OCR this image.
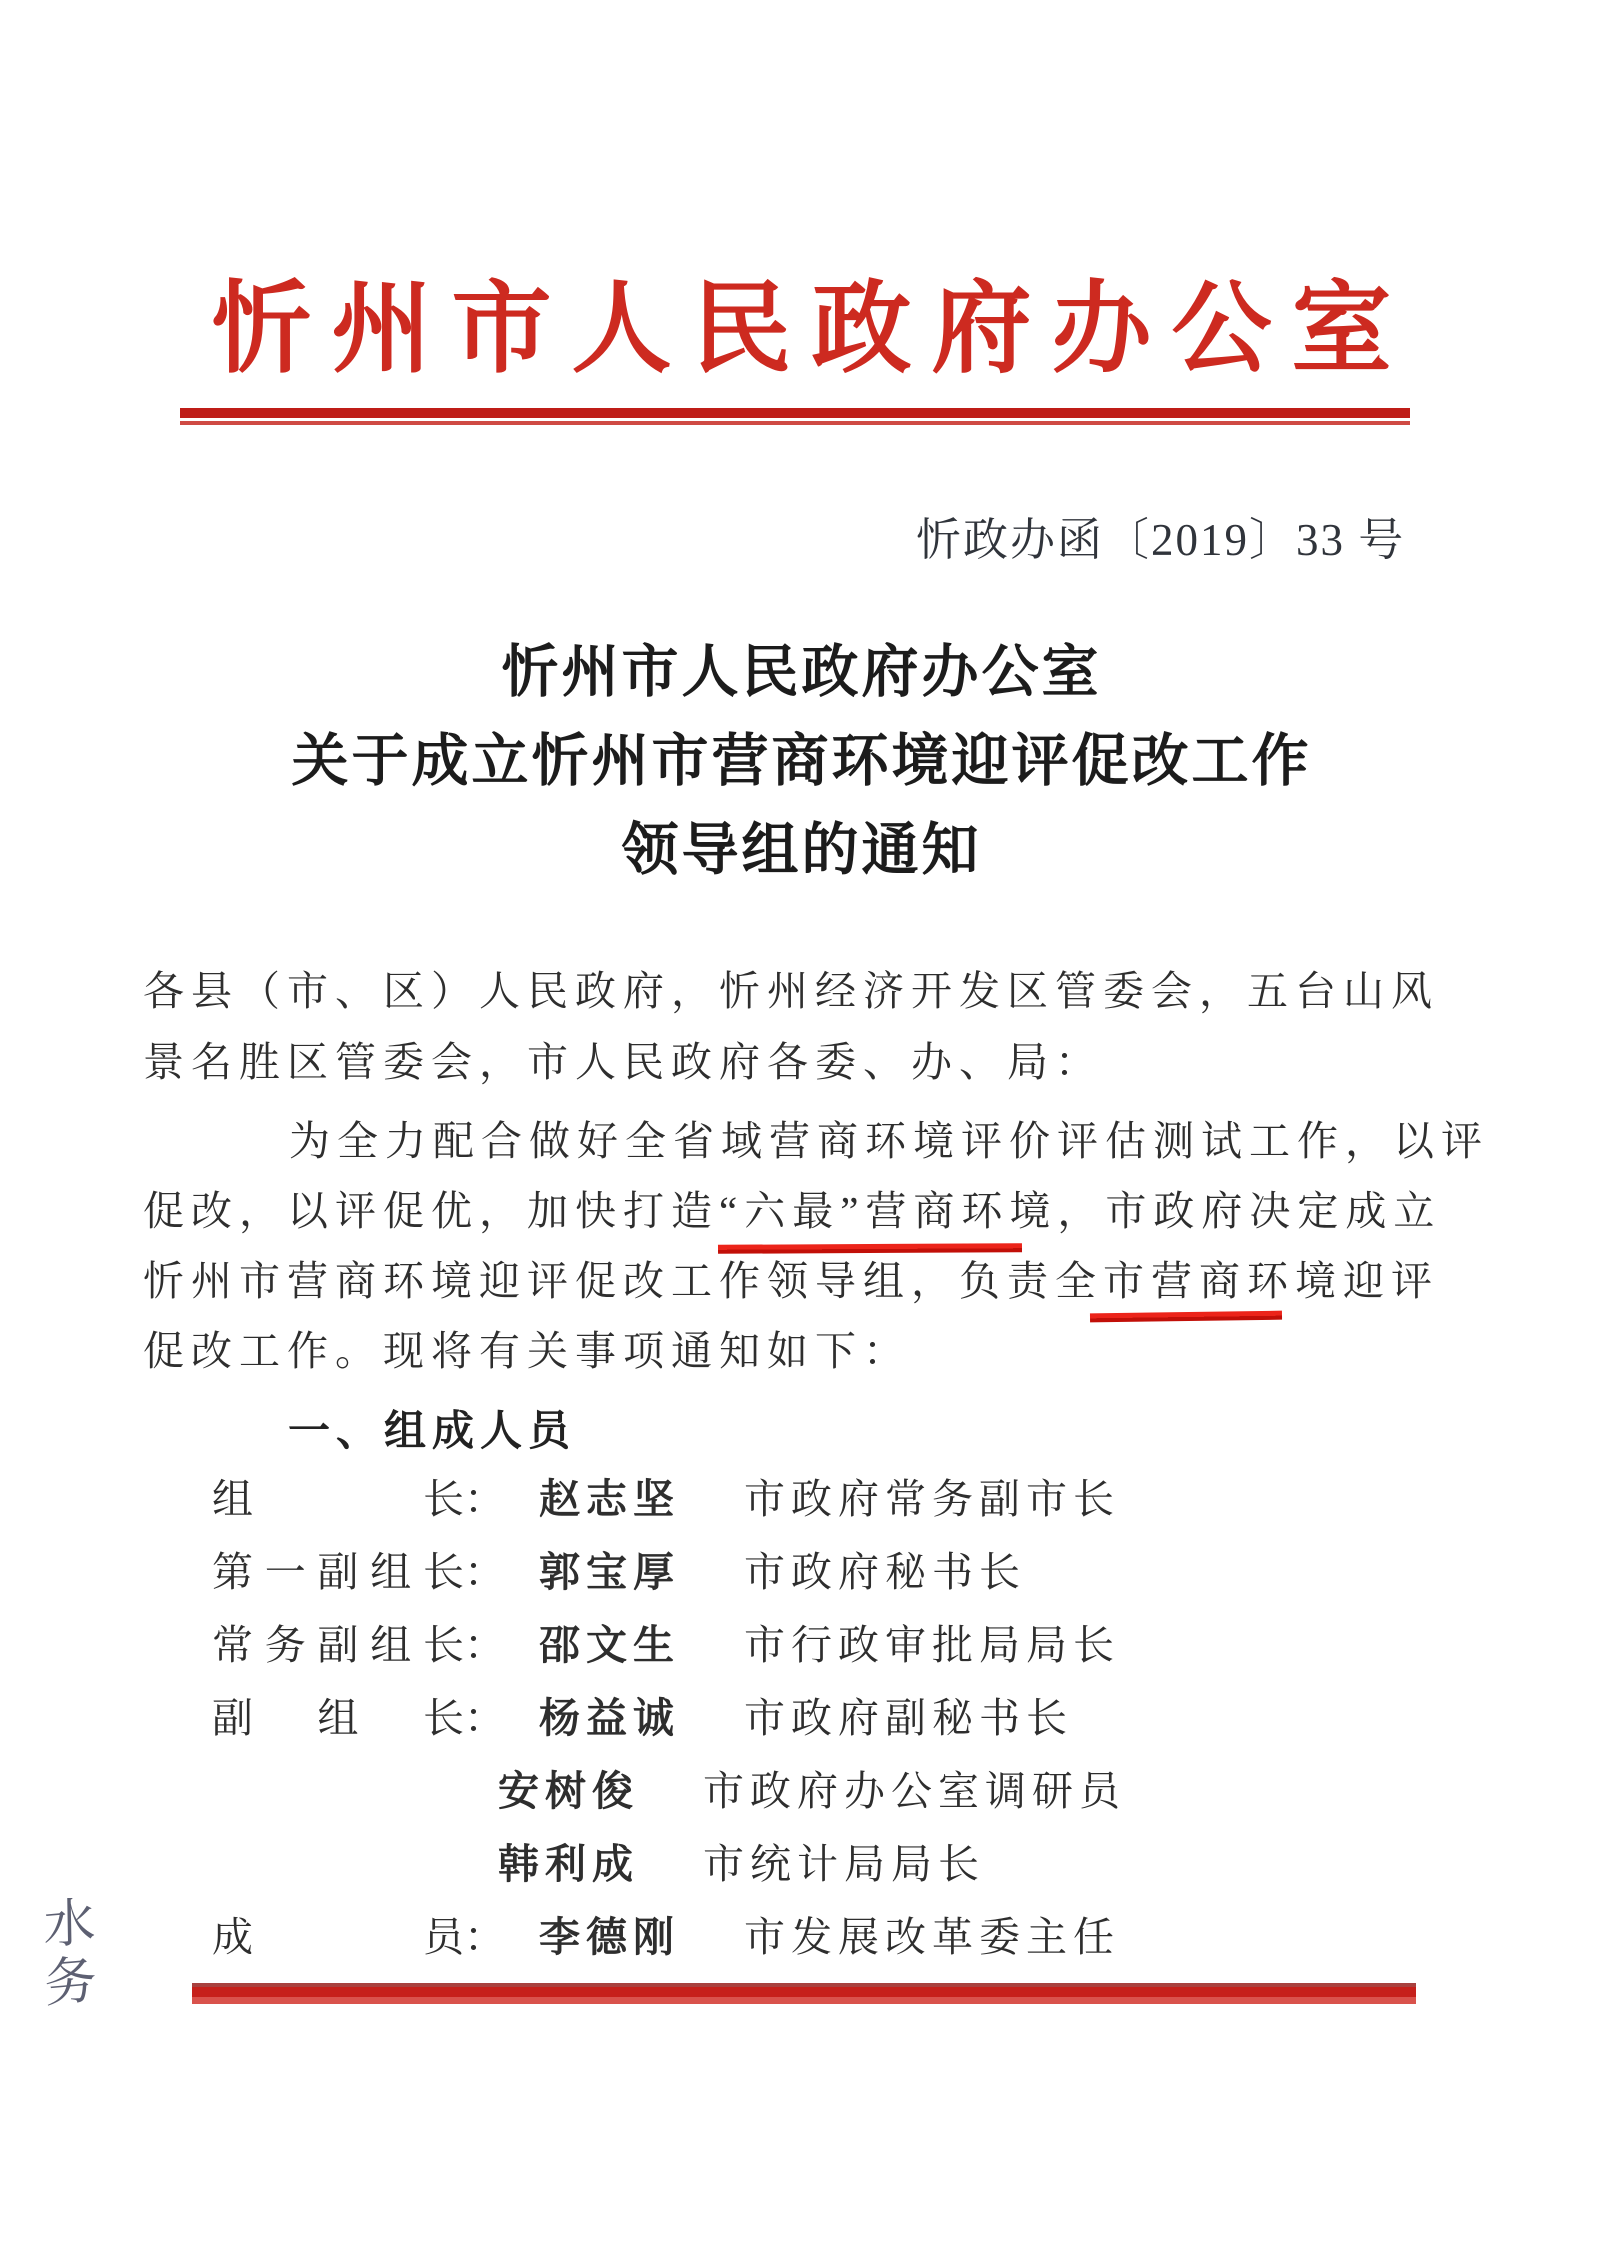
忻州市人民政府办公室
忻政办函〔2019〕33 号
忻州市人民政府办公室
关于成立忻州市营商环境迎评促改工作
领导组的通知
各县（市、区）人民政府，忻州经济开发区管委会，五台山风
景名胜区管委会，市人民政府各委、办、局：
为全力配合做好全省域营商环境评价评估测试工作，以评
促改，以评促优，加快打造“六最”营商环境，市政府决定成立
忻州市营商环境迎评促改工作领导组，负责全市营商环境迎评
促改工作。现将有关事项通知如下：
一、组成人员
组长： 赵志坚 市政府常务副市长
第一副组长： 郭宝厚 市政府秘书长
常务副组长： 邵文生 市行政审批局局长
副组长： 杨益诚 市政府副秘书长
安树俊 市政府办公室调研员
韩利成 市统计局局长
成员： 李德刚 市发展改革委主任
水务
